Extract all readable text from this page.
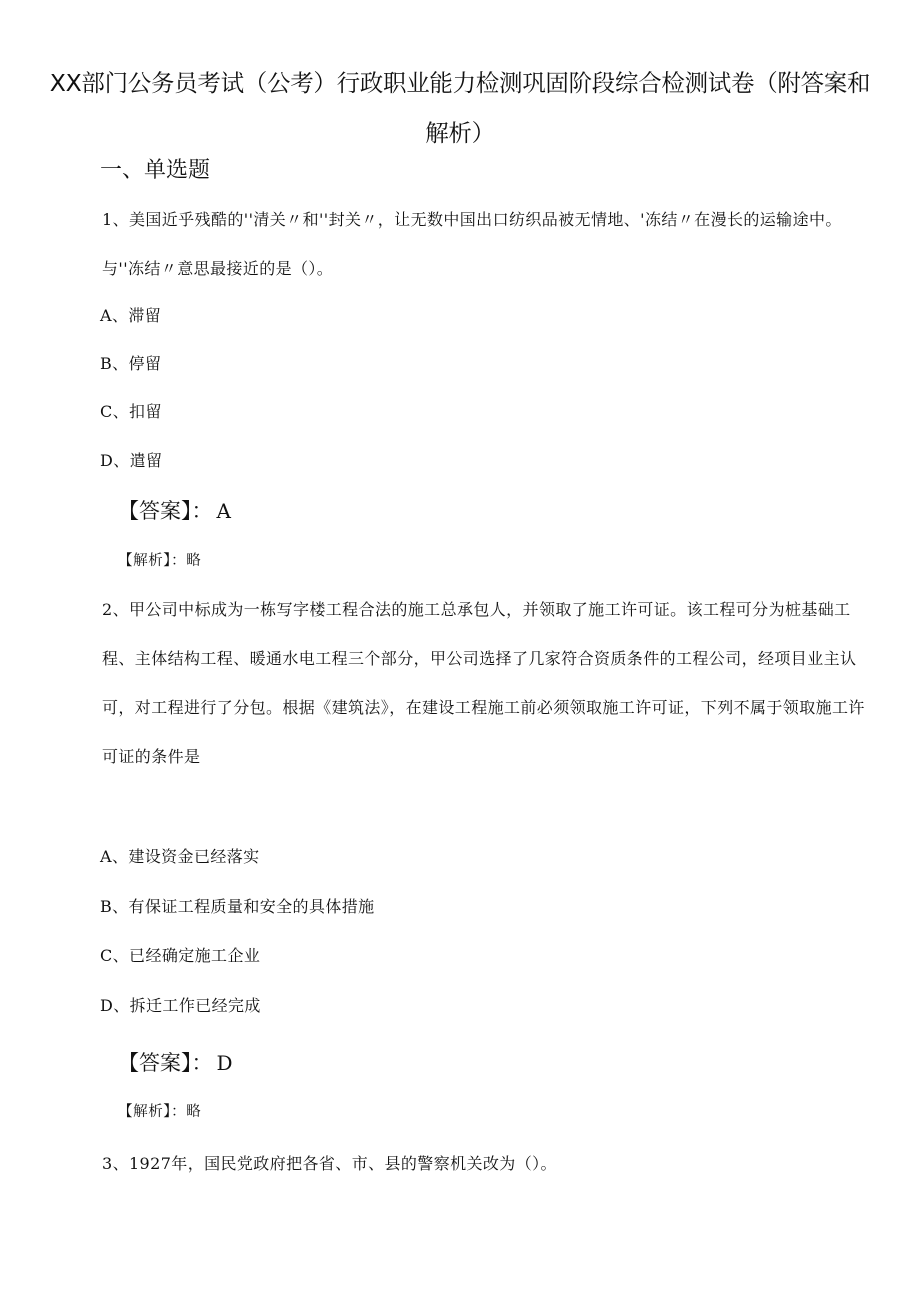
XX部门公务员考试（公考）行政职业能力检测巩固阶段综合检测试卷（附答案和解析）
一、单选题
1、美国近乎残酷的''清关〃和''封关〃，让无数中国出口纺织品被无情地、'冻结〃在漫长的运输途中。与''冻结〃意思最接近的是（）。
A、滞留
B、停留
C、扣留
D、遣留
【答案】： A
【解析】：略
2、甲公司中标成为一栋写字楼工程合法的施工总承包人，并领取了施工许可证。该工程可分为桩基础工程、主体结构工程、暖通水电工程三个部分，甲公司选择了几家符合资质条件的工程公司，经项目业主认可，对工程进行了分包。根据《建筑法》，在建设工程施工前必须领取施工许可证，下列不属于领取施工许可证的条件是
A、建设资金已经落实
B、有保证工程质量和安全的具体措施
C、已经确定施工企业
D、拆迁工作已经完成
【答案】： D
【解析】：略
3、1927年，国民党政府把各省、市、县的警察机关改为（）。
